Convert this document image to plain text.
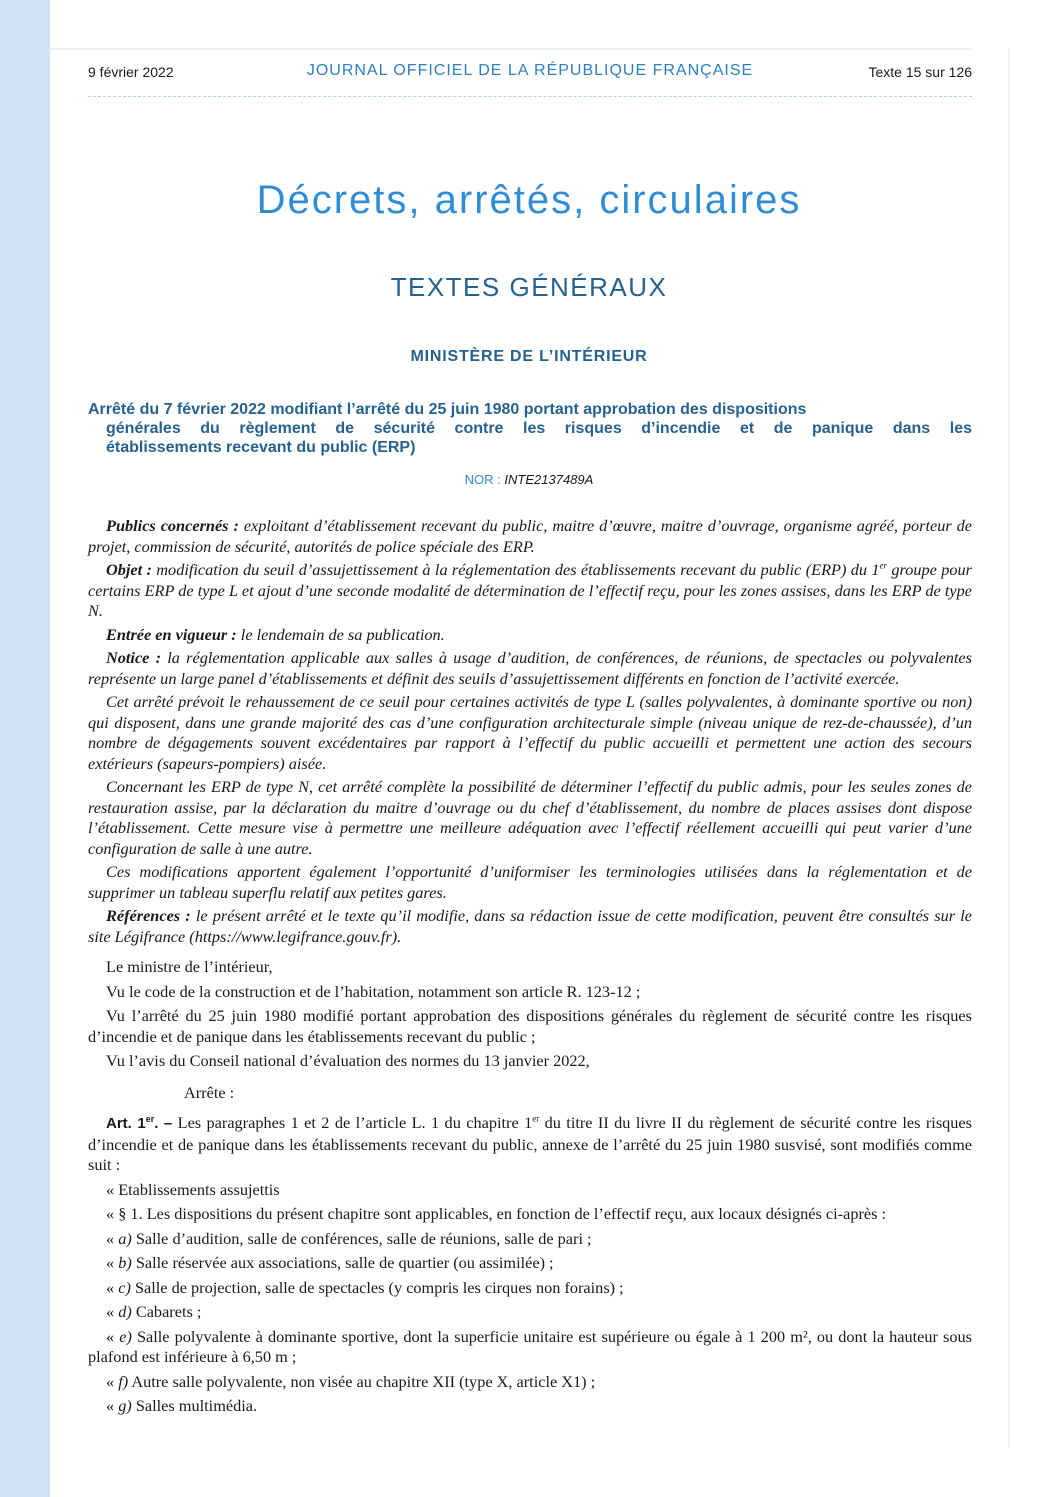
9 février 2022	JOURNAL OFFICIEL DE LA RÉPUBLIQUE FRANÇAISE	Texte 15 sur 126
Décrets, arrêtés, circulaires
TEXTES GÉNÉRAUX
MINISTÈRE DE L’INTÉRIEUR
Arrêté du 7 février 2022 modifiant l’arrêté du 25 juin 1980 portant approbation des dispositions
générales du règlement de sécurité contre les risques d’incendie et de panique dans les
établissements recevant du public (ERP)
NOR : INTE2137489A

Publics concernés : exploitant d’établissement recevant du public, maitre d’œuvre, maitre d’ouvrage, organisme agréé, porteur de projet, commission de sécurité, autorités de police spéciale des ERP.

Objet : modification du seuil d’assujettissement à la réglementation des établissements recevant du public (ERP) du 1er groupe pour certains ERP de type L et ajout d’une seconde modalité de détermination de l’effectif reçu, pour les zones assises, dans les ERP de type N.

Entrée en vigueur : le lendemain de sa publication.

Notice : la réglementation applicable aux salles à usage d’audition, de conférences, de réunions, de spectacles ou polyvalentes représente un large panel d’établissements et définit des seuils d’assujettissement différents en fonction de l’activité exercée.

Cet arrêté prévoit le rehaussement de ce seuil pour certaines activités de type L (salles polyvalentes, à dominante sportive ou non) qui disposent, dans une grande majorité des cas d’une configuration architecturale simple (niveau unique de rez-de-chaussée), d’un nombre de dégagements souvent excédentaires par rapport à l’effectif du public accueilli et permettent une action des secours extérieurs (sapeurs-pompiers) aisée.

Concernant les ERP de type N, cet arrêté complète la possibilité de déterminer l’effectif du public admis, pour les seules zones de restauration assise, par la déclaration du maitre d’ouvrage ou du chef d’établissement, du nombre de places assises dont dispose l’établissement. Cette mesure vise à permettre une meilleure adéquation avec l’effectif réellement accueilli qui peut varier d’une configuration de salle à une autre.

Ces modifications apportent également l’opportunité d’uniformiser les terminologies utilisées dans la réglementation et de supprimer un tableau superflu relatif aux petites gares.

Références : le présent arrêté et le texte qu’il modifie, dans sa rédaction issue de cette modification, peuvent être consultés sur le site Légifrance (https://www.legifrance.gouv.fr).

Le ministre de l’intérieur,

Vu le code de la construction et de l’habitation, notamment son article R. 123-12 ;

Vu l’arrêté du 25 juin 1980 modifié portant approbation des dispositions générales du règlement de sécurité contre les risques d’incendie et de panique dans les établissements recevant du public ;

Vu l’avis du Conseil national d’évaluation des normes du 13 janvier 2022,

Arrête :

Art. 1er. – Les paragraphes 1 et 2 de l’article L. 1 du chapitre 1er du titre II du livre II du règlement de sécurité contre les risques d’incendie et de panique dans les établissements recevant du public, annexe de l’arrêté du 25 juin 1980 susvisé, sont modifiés comme suit :

« Etablissements assujettis

« § 1. Les dispositions du présent chapitre sont applicables, en fonction de l’effectif reçu, aux locaux désignés ci-après :

« a) Salle d’audition, salle de conférences, salle de réunions, salle de pari ;

« b) Salle réservée aux associations, salle de quartier (ou assimilée) ;

« c) Salle de projection, salle de spectacles (y compris les cirques non forains) ;

« d) Cabarets ;

« e) Salle polyvalente à dominante sportive, dont la superficie unitaire est supérieure ou égale à 1 200 m², ou dont la hauteur sous plafond est inférieure à 6,50 m ;

« f) Autre salle polyvalente, non visée au chapitre XII (type X, article X1) ;

« g) Salles multimédia.
